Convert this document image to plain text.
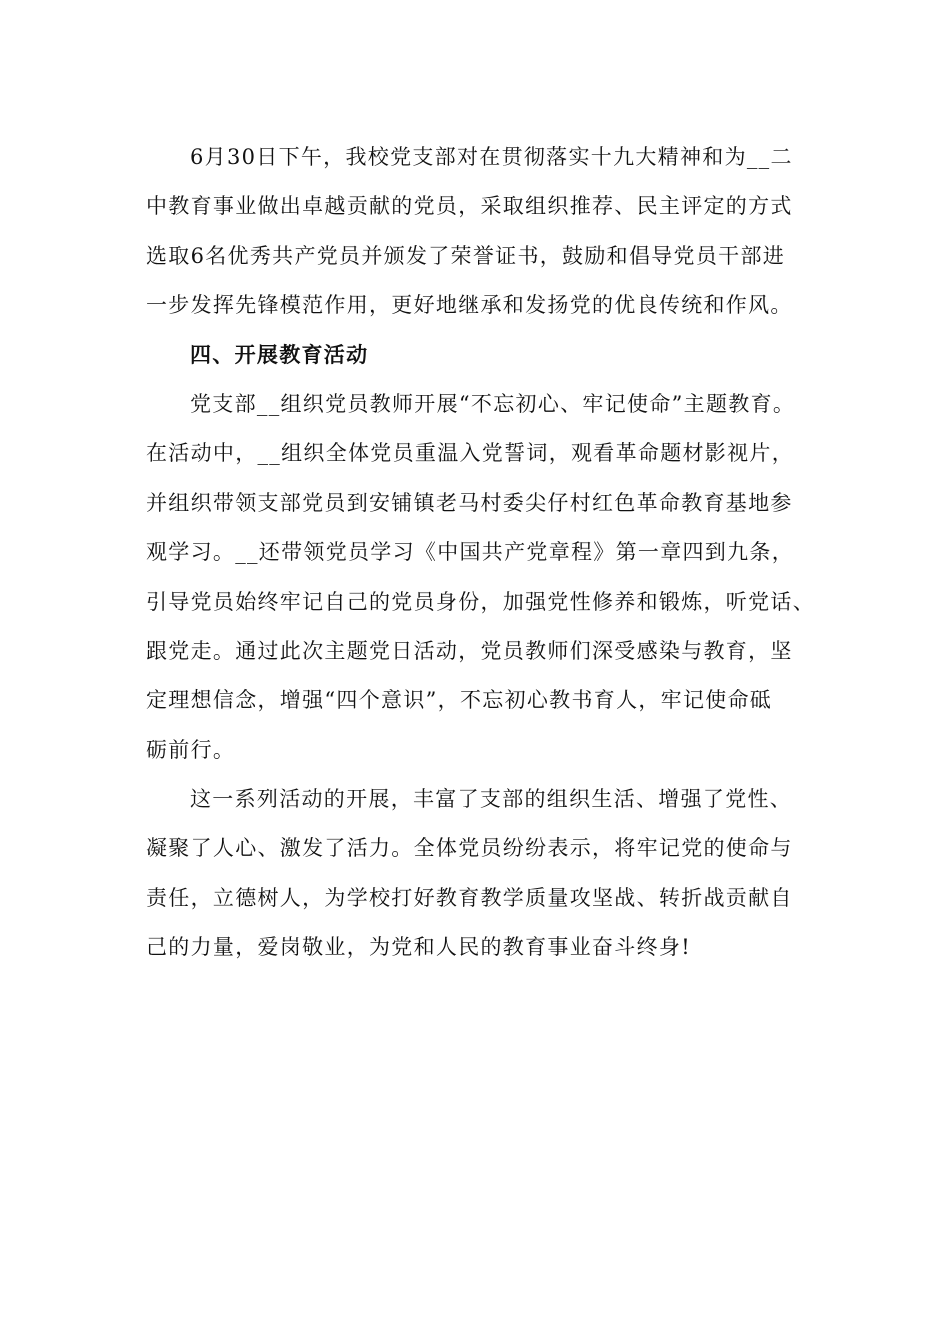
6月30日下午，我校党支部对在贯彻落实十九大精神和为__二
中教育事业做出卓越贡献的党员，采取组织推荐、民主评定的方式
选取6名优秀共产党员并颁发了荣誉证书，鼓励和倡导党员干部进
一步发挥先锋模范作用，更好地继承和发扬党的优良传统和作风。
四、开展教育活动
党支部__组织党员教师开展“不忘初心、牢记使命”主题教育。
在活动中，__组织全体党员重温入党誓词，观看革命题材影视片，
并组织带领支部党员到安铺镇老马村委尖仔村红色革命教育基地参
观学习。__还带领党员学习《中国共产党章程》第一章四到九条，
引导党员始终牢记自己的党员身份，加强党性修养和锻炼，听党话、
跟党走。通过此次主题党日活动，党员教师们深受感染与教育，坚
定理想信念，增强“四个意识”，不忘初心教书育人，牢记使命砥
砺前行。
这一系列活动的开展，丰富了支部的组织生活、增强了党性、
凝聚了人心、激发了活力。全体党员纷纷表示，将牢记党的使命与
责任，立德树人，为学校打好教育教学质量攻坚战、转折战贡献自
己的力量，爱岗敬业，为党和人民的教育事业奋斗终身!
